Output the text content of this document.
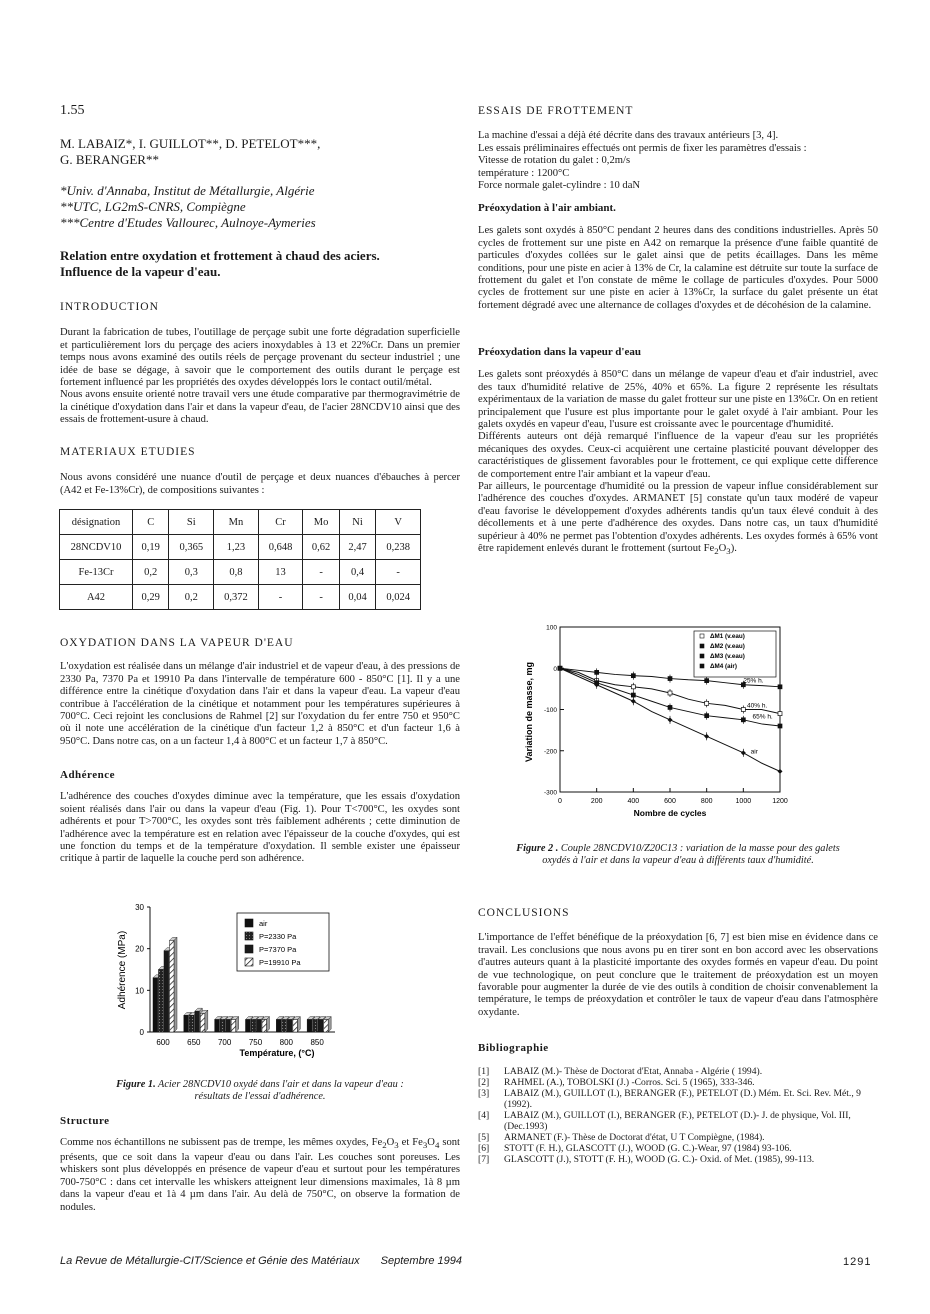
1.55
M. LABAIZ*, I. GUILLOT**, D. PETELOT***,
G. BERANGER**
*Univ. d'Annaba, Institut de Métallurgie, Algérie
**UTC, LG2mS-CNRS, Compiègne
***Centre d'Etudes Vallourec, Aulnoye-Aymeries
Relation entre oxydation et frottement à chaud des aciers.
Influence de la vapeur d'eau.
INTRODUCTION

Durant la fabrication de tubes, l'outillage de perçage subit une forte dégradation superficielle et particulièrement lors du perçage des aciers inoxydables à 13 et 22%Cr. Dans un premier temps nous avons examiné des outils réels de perçage provenant du secteur industriel ; une idée de base se dégage, à savoir que le comportement des outils durant le perçage est fortement influencé par les propriétés des oxydes développés lors le contact outil/métal.

Nous avons ensuite orienté notre travail vers une étude comparative par thermogravimétrie de la cinétique d'oxydation dans l'air et dans la vapeur d'eau, de l'acier 28NCDV10 ainsi que des essais de frottement-usure à chaud.

MATERIAUX ETUDIES

Nous avons considéré une nuance d'outil de perçage et deux nuances d'ébauches à percer (A42 et Fe-13%Cr), de compositions suivantes :

désignation	C	Si	Mn	Cr	Mo	Ni	V
28NCDV10	0,19	0,365	1,23	0,648	0,62	2,47	0,238
Fe-13Cr	0,2	0,3	0,8	13	-	0,4	-
A42	0,29	0,2	0,372	-	-	0,04	0,024
OXYDATION DANS LA VAPEUR D'EAU

L'oxydation est réalisée dans un mélange d'air industriel et de vapeur d'eau, à des pressions de 2330 Pa, 7370 Pa et 19910 Pa dans l'intervalle de température 600 - 850°C [1]. Il y a une différence entre la cinétique d'oxydation dans l'air et dans la vapeur d'eau. La vapeur d'eau contribue à l'accélération de la cinétique et notamment pour les températures supérieures à 700°C. Ceci rejoint les conclusions de Rahmel [2] sur l'oxydation du fer entre 750 et 950°C où il note une accélération de la cinétique d'un facteur 1,2 à 850°C et d'un facteur 1,6 à 950°C. Dans notre cas, on a un facteur 1,4 à 800°C et un facteur 1,7 à 850°C.

Adhérence

L'adhérence des couches d'oxydes diminue avec la température, que les essais d'oxydation soient réalisés dans l'air ou dans la vapeur d'eau (Fig. 1). Pour T<700°C, les oxydes sont adhérents et pour T>700°C, les oxydes sont très faiblement adhérents ; cette diminution de l'adhérence avec la température est en relation avec l'épaisseur de la couche d'oxydes, qui est une fonction du temps et de la température d'oxydation. Il semble exister une épaisseur critique à partir de laquelle la couche perd son adhérence.

0
10
20
30
600 650 700 750 800 850
Température, (°C)
Adhérence (MPa)
air
P=2330 Pa
P=7370 Pa
P=19910 Pa
Figure 1. Acier 28NCDV10 oxydé dans l'air et dans la vapeur d'eau :
résultats de l'essai d'adhérence.
Structure

Comme nos échantillons ne subissent pas de trempe, les mêmes oxydes, $Fe_2O_3$ et $Fe_3O_4$ sont présents, que ce soit dans la vapeur d'eau ou dans l'air. Les couches sont poreuses. Les whiskers sont plus développés en présence de vapeur d'eau et surtout pour les températures 700-750°C : dans cet intervalle les whiskers atteignent leur dimensions maximales, 1à 8 µm dans la vapeur d'eau et 1à 4 µm dans l'air. Au delà de 750°C, on observe la formation de nodules.

ESSAIS DE FROTTEMENT
La machine d'essai a déjà été décrite dans des travaux antérieurs [3, 4].
Les essais préliminaires effectués ont permis de fixer les paramètres d'essais :
Vitesse de rotation du galet : 0,2m/s
température : 1200°C
Force normale galet-cylindre : 10 daN
Préoxydation à l'air ambiant.

Les galets sont oxydés à 850°C pendant 2 heures dans des conditions industrielles. Après 50 cycles de frottement sur une piste en A42 on remarque la présence d'une faible quantité de particules d'oxydes collées sur le galet ainsi que de petits écaillages. Dans les même conditions, pour une piste en acier à 13% de Cr, la calamine est détruite sur toute la surface de frottement du galet et l'on constate de même le collage de particules d'oxydes. Pour 5000 cycles de frottement sur une piste en acier à 13%Cr, la surface du galet présente un état fortement dégradé avec une alternance de collages d'oxydes et de décohésion de la calamine.

Préoxydation dans la vapeur d'eau

Les galets sont préoxydés à 850°C dans un mélange de vapeur d'eau et d'air industriel, avec des taux d'humidité relative de 25%, 40% et 65%. La figure 2 représente les résultats expérimentaux de la variation de masse du galet frotteur sur une piste en 13%Cr. On en retient principalement que l'usure est plus importante pour le galet oxydé à l'air ambiant. Pour les galets oxydés en vapeur d'eau, l'usure est croissante avec le pourcentage d'humidité.

Différents auteurs ont déjà remarqué l'influence de la vapeur d'eau sur les propriétés mécaniques des oxydes. Ceux-ci acquièrent une certaine plasticité pouvant développer des caractéristiques de glissement favorables pour le frottement, ce qui explique cette difference de comportement entre l'air ambiant et la vapeur d'eau.

Par ailleurs, le pourcentage d'humidité ou la pression de vapeur influe considérablement sur l'adhérence des couches d'oxydes. ARMANET [5] constate qu'un taux modéré de vapeur d'eau favorise le développement d'oxydes adhérents tandis qu'un taux élevé conduit à des décollements et à une perte d'adhérence des oxydes. Dans notre cas, un taux d'humidité supérieur à 40% ne permet pas l'obtention d'oxydes adhérents. Les oxydes formés à 65% vont être rapidement enlevés durant le frottement (surtout $Fe_2O_3$).

100
0
-100
-200
-300
0	200	400	600	800	1000	1200
25% h.
40% h.
65% h.
air
ΔM1 (v.eau)
ΔM2 (v.eau)
ΔM3 (v.eau)
ΔM4 (air)
Nombre de cycles
Variation de masse, mg
Figure 2 . Couple 28NCDV10/Z20C13 : variation de la masse pour des galets
oxydés à l'air et dans la vapeur d'eau à différents taux d'humidité.
CONCLUSIONS

L'importance de l'effet bénéfique de la préoxydation [6, 7] est bien mise en évidence dans ce travail. Les conclusions que nous avons pu en tirer sont en bon accord avec les observations d'autres auteurs quant à la plasticité importante des oxydes formés en vapeur d'eau. Du point de vue technologique, on peut conclure que le traitement de préoxydation est un moyen favorable pour augmenter la durée de vie des outils à condition de choisir convenablement la température, le temps de préoxydation et contrôler le taux de vapeur d'eau dans l'atmosphère oxydante.

Bibliographie
[1]	LABAIZ (M.)- Thèse de Doctorat d'Etat, Annaba - Algérie ( 1994).
[2]	RAHMEL (A.), TOBOLSKI (J.) -Corros. Sci. 5 (1965), 333-346.
[3]	LABAIZ (M.), GUILLOT (I.), BERANGER (F.), PETELOT (D.) Mém. Et. Sci. Rev. Mét., 9 (1992).
[4]	LABAIZ (M.), GUILLOT (I.), BERANGER (F.), PETELOT (D.)- J. de physique, Vol. III, (Dec.1993)
[5]	ARMANET (F.)- Thèse de Doctorat d'état, U T Compiègne, (1984).
[6]	STOTT (F. H.), GLASCOTT (J.), WOOD (G. C.)-Wear, 97 (1984) 93-106.
[7]	GLASCOTT (J.), STOTT (F. H.), WOOD (G. C.)- Oxid. of Met. (1985), 99-113.
La Revue de Métallurgie-CIT/Science et Génie des Matériaux Septembre 1994	1291
